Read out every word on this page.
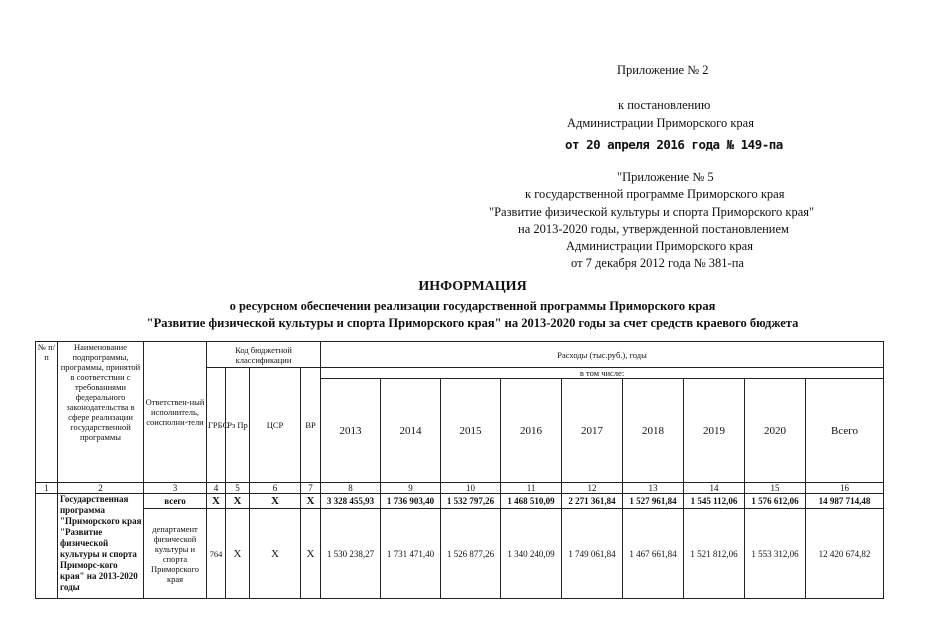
Приложение № 2
к постановлению
Администрации Приморского края
от 20 апреля 2016 года № 149-па
"Приложение № 5
к государственной программе Приморского края
"Развитие физической культуры и спорта Приморского края"
на 2013-2020 годы, утвержденной постановлением
Администрации Приморского края
от 7 декабря 2012 года № 381-па
ИНФОРМАЦИЯ
о ресурсном обеспечении реализации государственной программы Приморского края
"Развитие физической культуры и спорта Приморского края" на 2013-2020 годы за счет средств краевого бюджета
№ п/п	Наименование подпрограммы, программы, принятой в соответствии с требованиями федерального законодательства в сфере реализации государственной программы	Ответствен-ный исполнитель, соисполни-тели	Код бюджетной классификации				Расходы (тыс.руб.), годы								
			ГРБС	Рз Пр	ЦСР	ВР	в том числе:								
							2013	2014	2015	2016	2017	2018	2019	2020	Всего
1	2	3	4	5	6	7	8	9	10	11	12	13	14	15	16
	Государственная программа "Приморского края "Развитие физической культуры и спорта Приморс-кого края" на 2013-2020 годы	всего	X	X	X	X	3 328 455,93	1 736 903,40	1 532 797,26	1 468 510,09	2 271 361,84	1 527 961,84	1 545 112,06	1 576 612,06	14 987 714,48
		департамент физической культуры и спорта Приморского края	764	X	X	X	1 530 238,27	1 731 471,40	1 526 877,26	1 340 240,09	1 749 061,84	1 467 661,84	1 521 812,06	1 553 312,06	12 420 674,82
